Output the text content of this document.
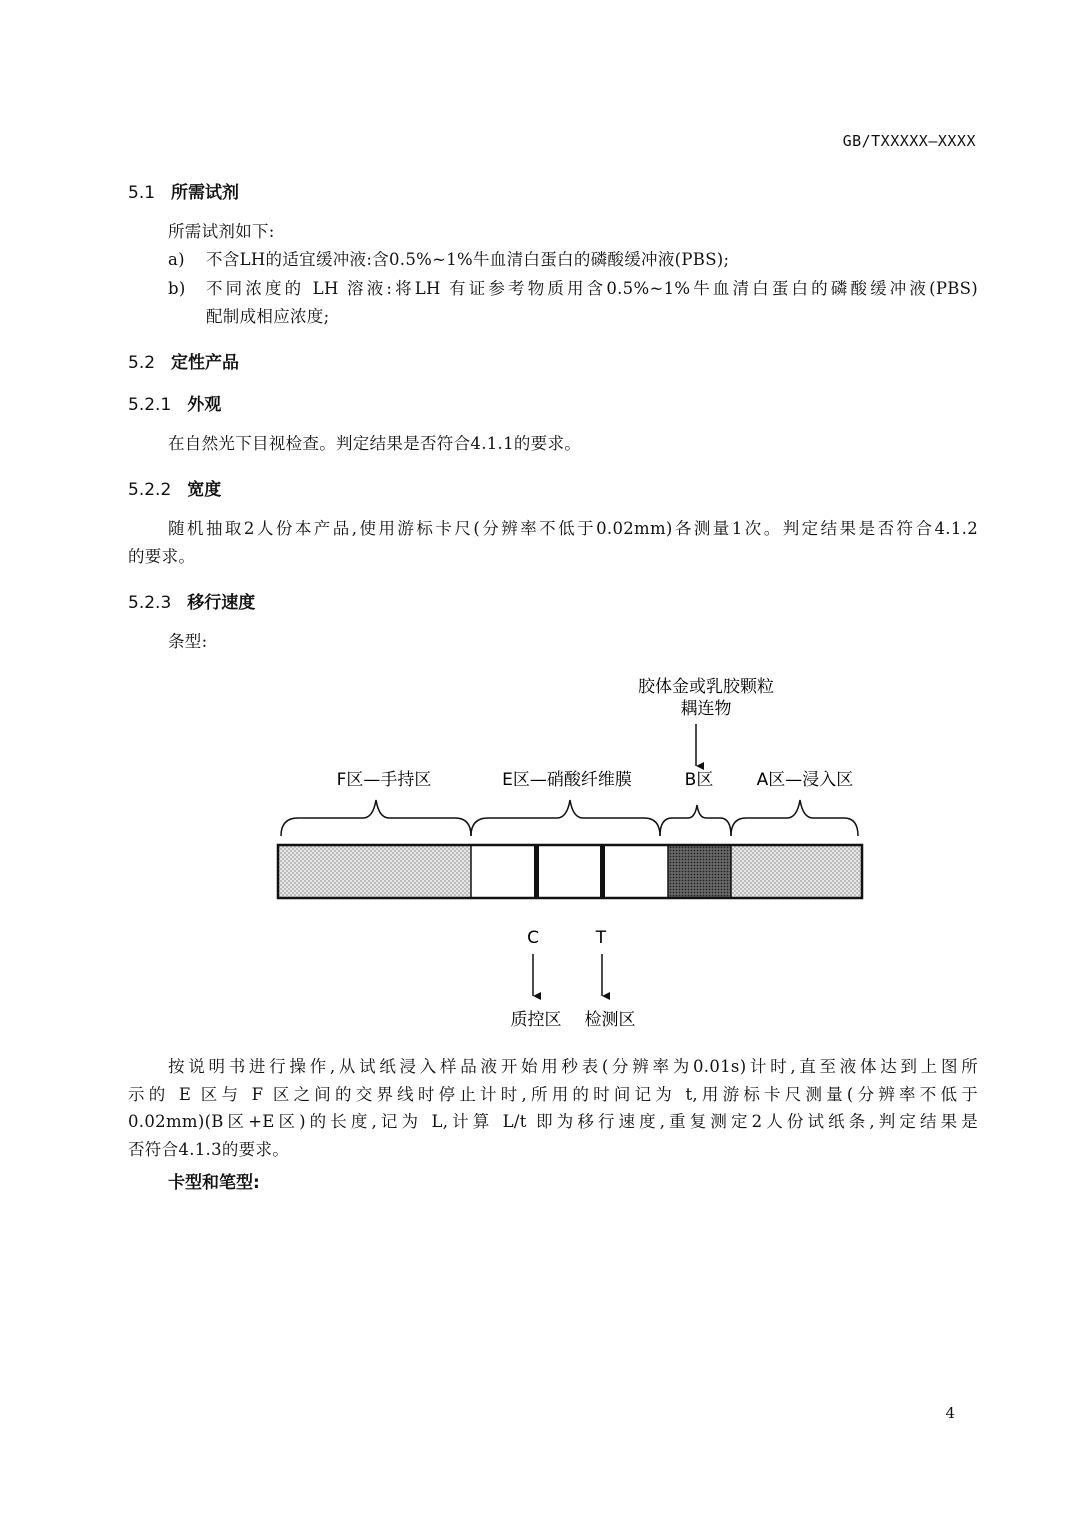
GB/TXXXXX—XXXX
5.1 所需试剂
所需试剂如下:
a) 不含LH的适宜缓冲液:含0.5%~1%牛血清白蛋白的磷酸缓冲液(PBS);
b) 不同浓度的 LH 溶液:将LH 有证参考物质用含0.5%~1%牛血清白蛋白的磷酸缓冲液(PBS)
配制成相应浓度;
5.2 定性产品
5.2.1 外观
在自然光下目视检查。判定结果是否符合4.1.1的要求。
5.2.2 宽度
随机抽取2人份本产品,使用游标卡尺(分辨率不低于0.02mm)各测量1次。判定结果是否符合4.1.2
的要求。
5.2.3 移行速度
条型:
胶体金或乳胶颗粒
耦连物
F区—手持区	E区—硝酸纤维膜	B区	A区—浸入区
C	T
质控区 检测区
按说明书进行操作,从试纸浸入样品液开始用秒表(分辨率为0.01s)计时,直至液体达到上图所
示的 E 区与 F 区之间的交界线时停止计时,所用的时间记为 t,用游标卡尺测量(分辨率不低于
0.02mm)(B区+E区)的长度,记为 L,计算 L/t 即为移行速度,重复测定2人份试纸条,判定结果是
否符合4.1.3的要求。
卡型和笔型:
4
